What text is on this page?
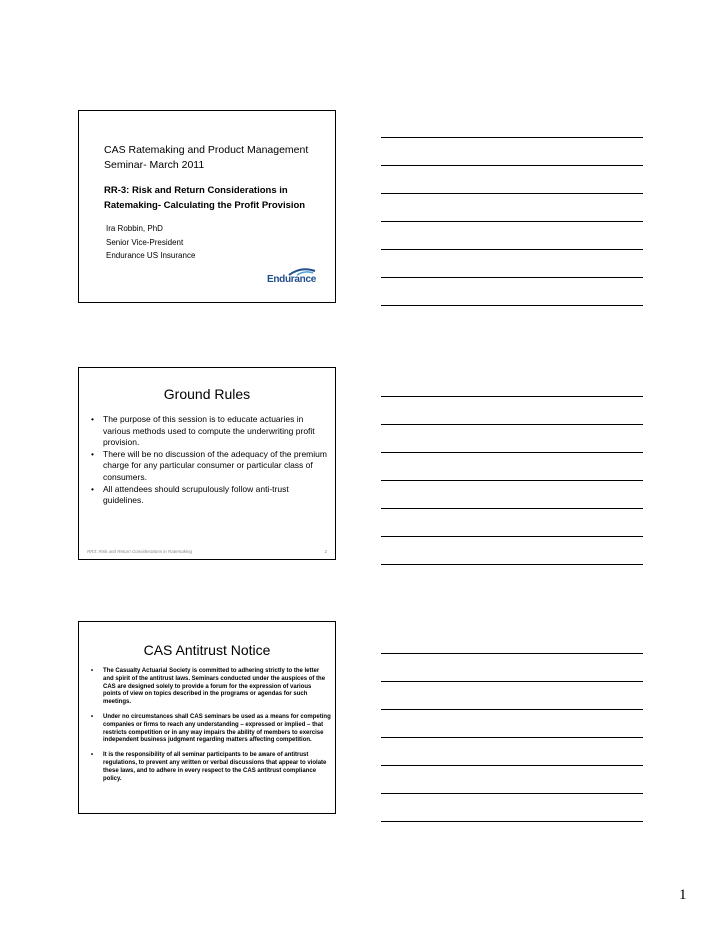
CAS Ratemaking and Product Management Seminar- March 2011
RR-3: Risk and Return Considerations in Ratemaking- Calculating the Profit Provision
Ira Robbin, PhD
Senior Vice-President
Endurance US Insurance
Endurance
Ground Rules
• The purpose of this session is to educate actuaries in various methods used to compute the underwriting profit provision.
• There will be no discussion of the adequacy of the premium charge for any particular consumer or particular class of consumers.
• All attendees should scrupulously follow anti-trust guidelines.
RR3: Risk and Return Considerations in Ratemaking	2
CAS Antitrust Notice
• The Casualty Actuarial Society is committed to adhering strictly to the letter and spirit of the antitrust laws. Seminars conducted under the auspices of the CAS are designed solely to provide a forum for the expression of various points of view on topics described in the programs or agendas for such meetings.
• Under no circumstances shall CAS seminars be used as a means for competing companies or firms to reach any understanding – expressed or implied – that restricts competition or in any way impairs the ability of members to exercise independent business judgment regarding matters affecting competition.
• It is the responsibility of all seminar participants to be aware of antitrust regulations, to prevent any written or verbal discussions that appear to violate these laws, and to adhere in every respect to the CAS antitrust compliance policy.
1
